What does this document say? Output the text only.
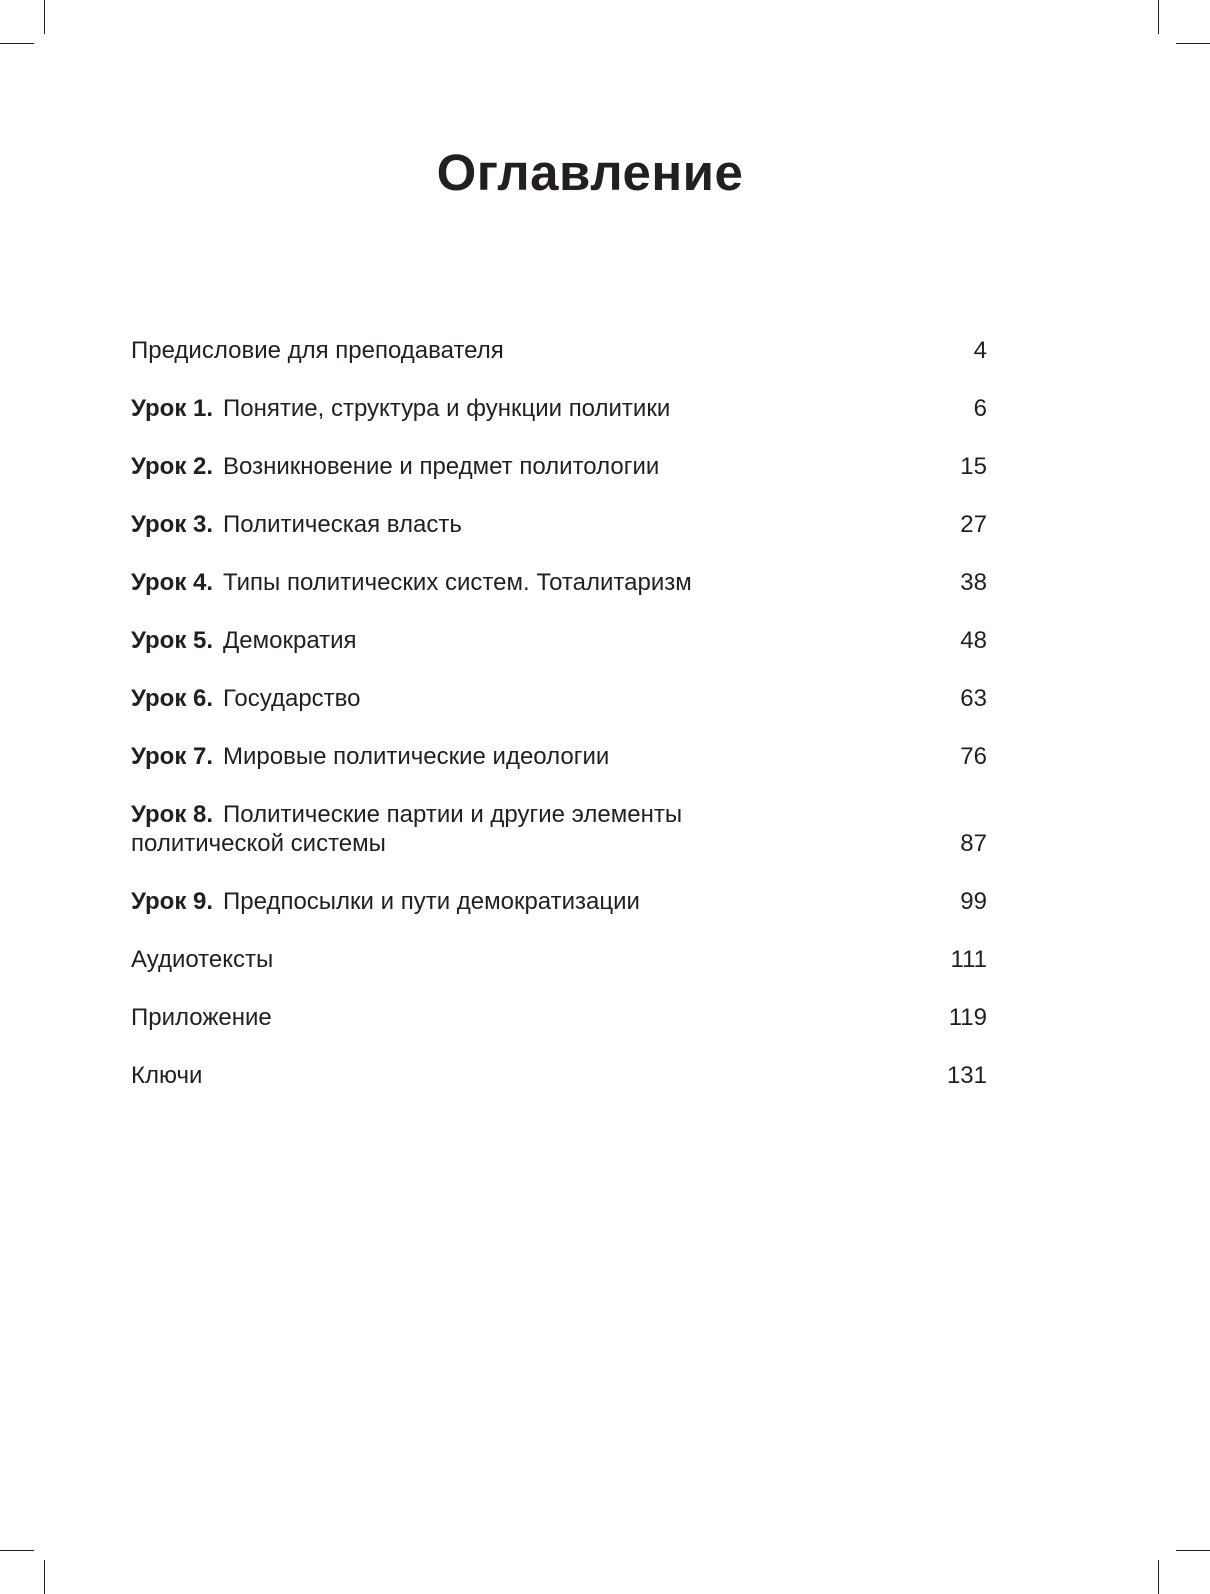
Оглавление
Предисловие для преподавателя	4
Урок 1. Понятие, структура и функции политики	6
Урок 2. Возникновение и предмет политологии	15
Урок 3. Политическая власть	27
Урок 4. Типы политических систем. Тоталитаризм	38
Урок 5. Демократия	48
Урок 6. Государство	63
Урок 7. Мировые политические идеологии	76
Урок 8. Политические партии и другие элементы политической системы	87
Урок 9. Предпосылки и пути демократизации	99
Аудиотексты	111
Приложение	119
Ключи	131
